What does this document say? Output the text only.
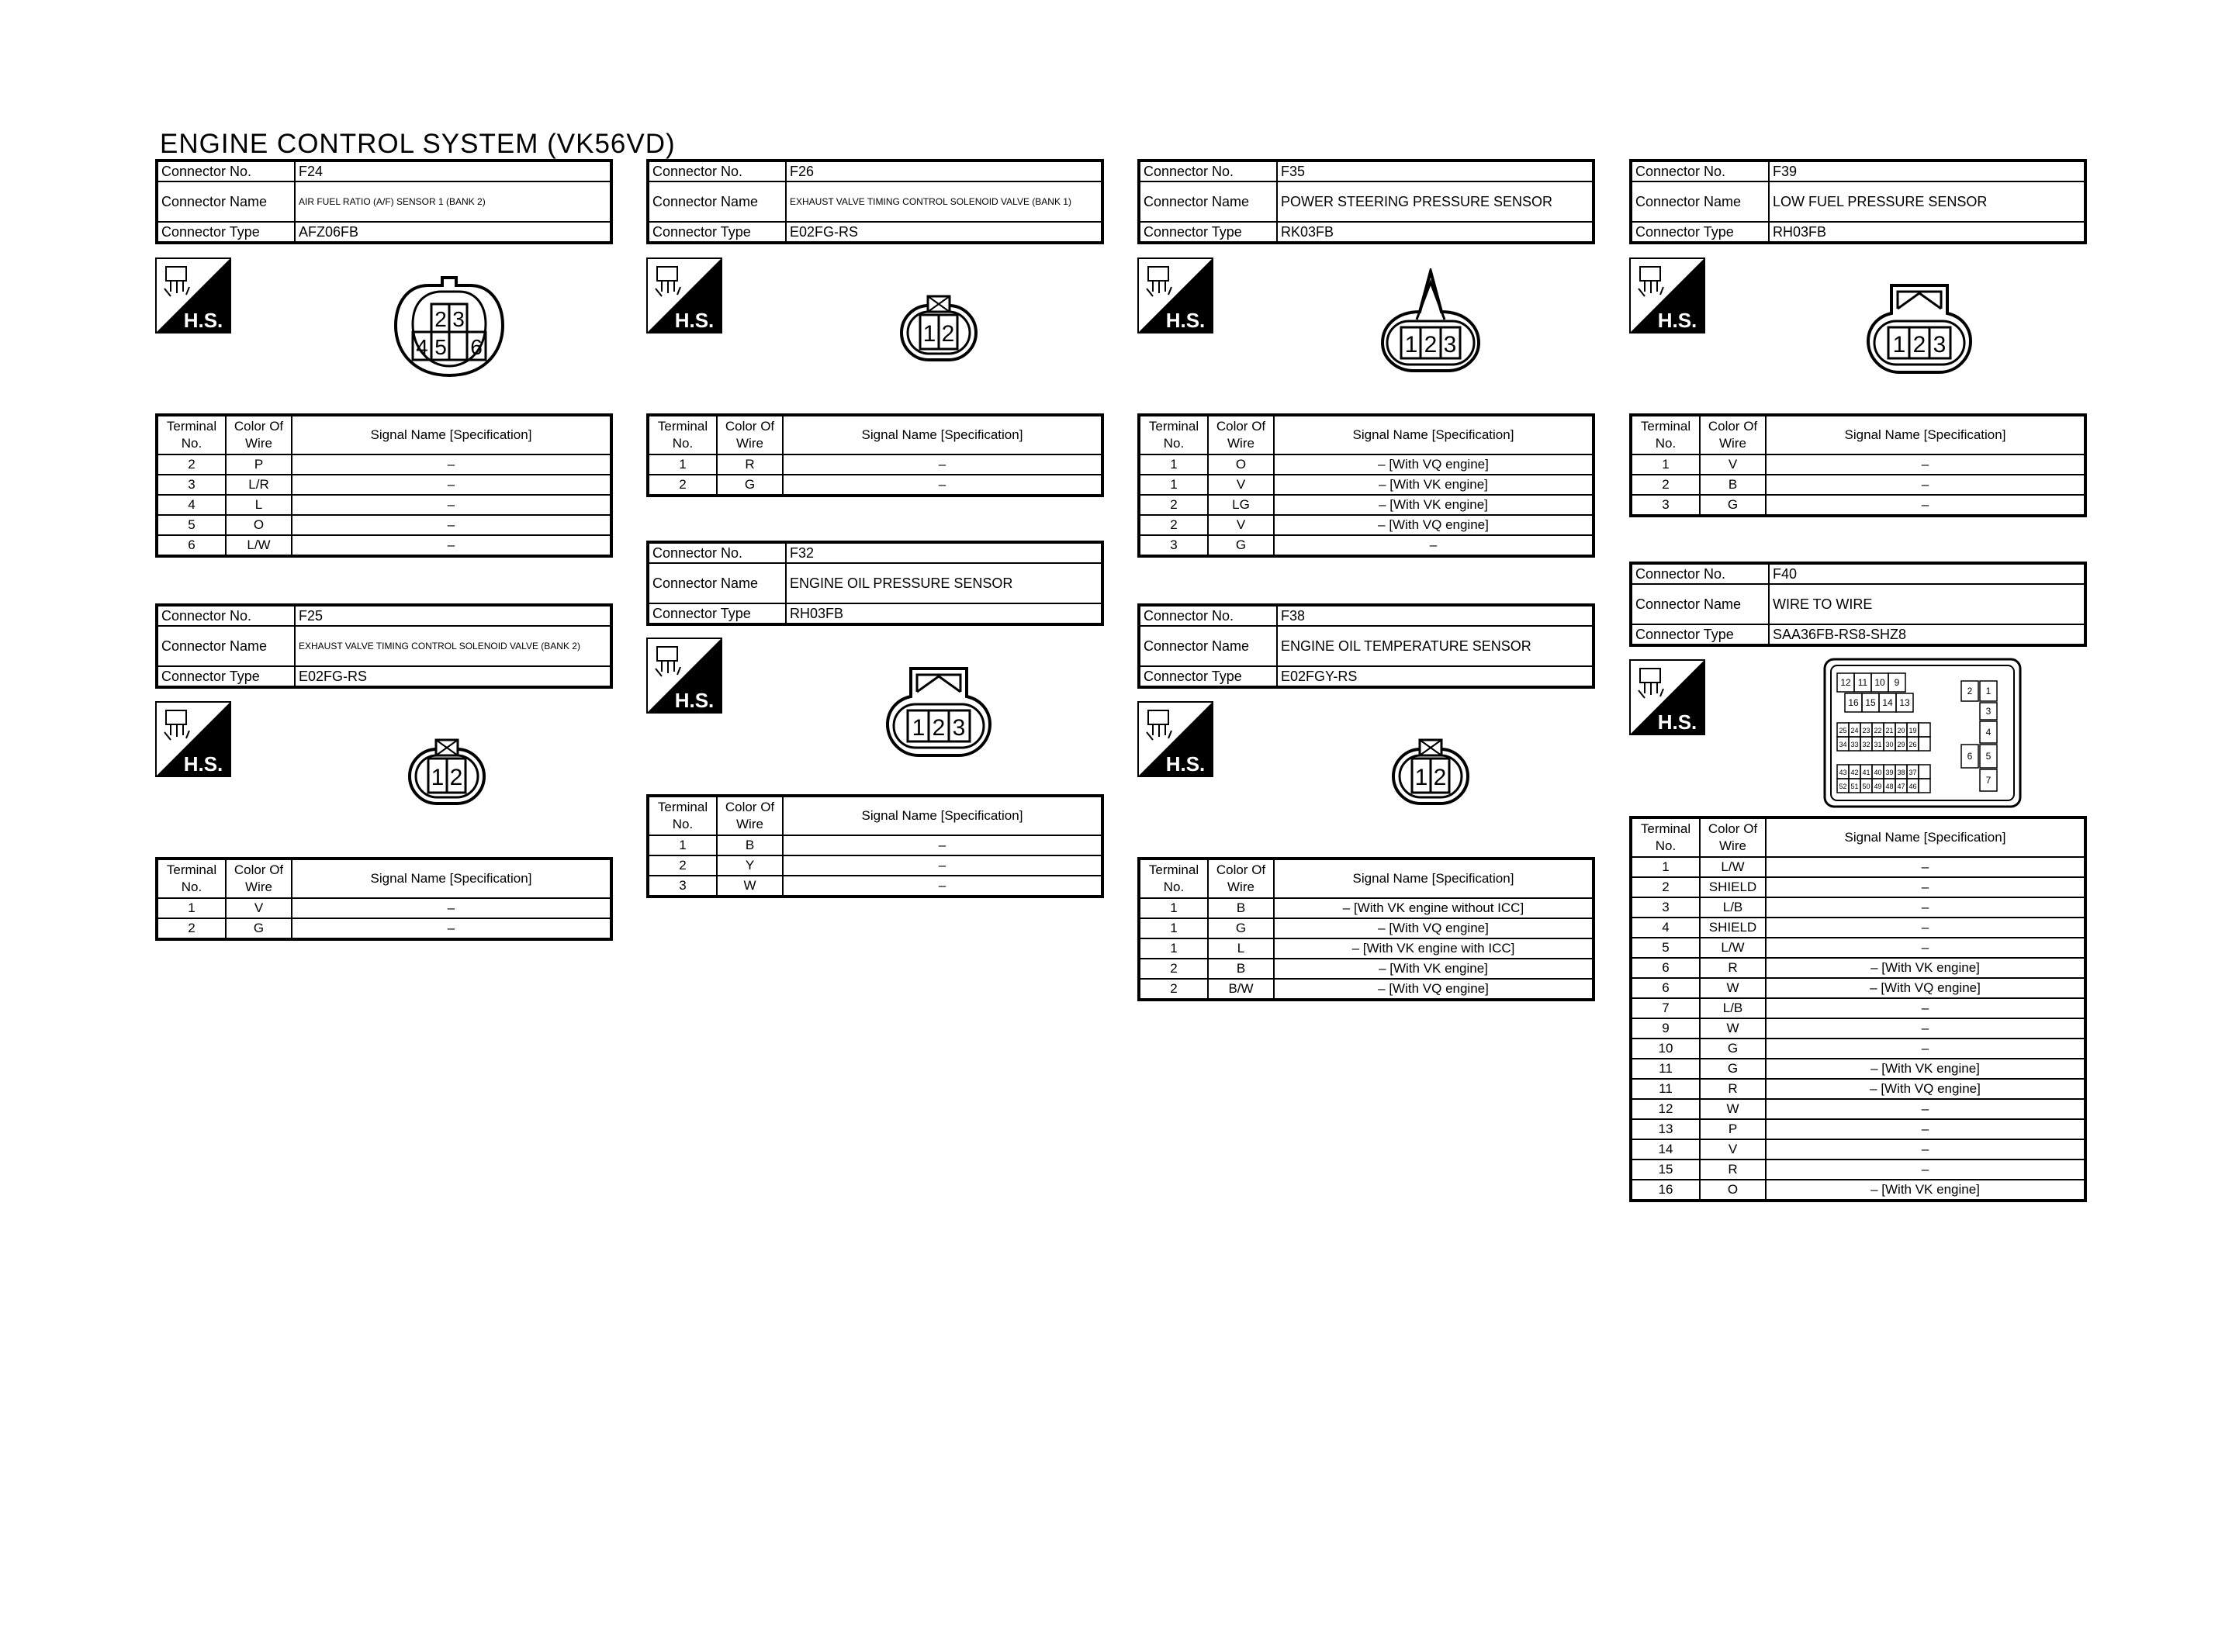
ENGINE CONTROL SYSTEM (VK56VD)
Connector No.	F24
Connector Name	AIR FUEL RATIO (A/F) SENSOR 1 (BANK 2)
Connector Type	AFZ06FB
H.S.	2 3
4 5 6
Terminal No.	Color Of Wire	Signal Name [Specification]
2	P	–
3	L/R	–
4	L	–
5	O	–
6	L/W	–
Connector No.	F25
Connector Name	EXHAUST VALVE TIMING CONTROL SOLENOID VALVE (BANK 2)
Connector Type	E02FG-RS
H.S.
1 2
Terminal No.	Color Of Wire	Signal Name [Specification]
1	V	–
2	G	–
Connector No.	F26
Connector Name	EXHAUST VALVE TIMING CONTROL SOLENOID VALVE (BANK 1)
Connector Type	E02FG-RS
H.S.
1 2
Terminal No.	Color Of Wire	Signal Name [Specification]
1	R	–
2	G	–
Connector No.	F32
Connector Name	ENGINE OIL PRESSURE SENSOR
Connector Type	RH03FB
H.S.
1 2 3
Terminal No.	Color Of Wire	Signal Name [Specification]
1	B	–
2	Y	–
3	W	–
Connector No.	F35
Connector Name	POWER STEERING PRESSURE SENSOR
Connector Type	RK03FB
H.S.
1 2 3
Terminal No.	Color Of Wire	Signal Name [Specification]
1	O	– [With VQ engine]
1	V	– [With VK engine]
2	LG	– [With VK engine]
2	V	– [With VQ engine]
3	G	–
Connector No.	F38
Connector Name	ENGINE OIL TEMPERATURE SENSOR
Connector Type	E02FGY-RS
H.S.
1 2
Terminal No.	Color Of Wire	Signal Name [Specification]
1	B	– [With VK engine without ICC]
1	G	– [With VQ engine]
1	L	– [With VK engine with ICC]
2	B	– [With VK engine]
2	B/W	– [With VQ engine]
Connector No.	F39
Connector Name	LOW FUEL PRESSURE SENSOR
Connector Type	RH03FB
H.S.
1 2 3
Terminal No.	Color Of Wire	Signal Name [Specification]
1	V	–
2	B	–
3	G	–
Connector No.	F40
Connector Name	WIRE TO WIRE
Connector Type	SAA36FB-RS8-SHZ8
H.S.
12 11 10 9
16 15 14 13
25 24 23 22 21 20 19
34 33 32 31 30 29 26
43 42 41 40 39 38 37
52 51 50 49 48 47 46
2 1
3
4
6 5
7
Terminal No.	Color Of Wire	Signal Name [Specification]
1	L/W	–
2	SHIELD	–
3	L/B	–
4	SHIELD	–
5	L/W	–
6	R	– [With VK engine]
6	W	– [With VQ engine]
7	L/B	–
9	W	–
10	G	–
11	G	– [With VK engine]
11	R	– [With VQ engine]
12	W	–
13	P	–
14	V	–
15	R	–
16	O	– [With VK engine]
